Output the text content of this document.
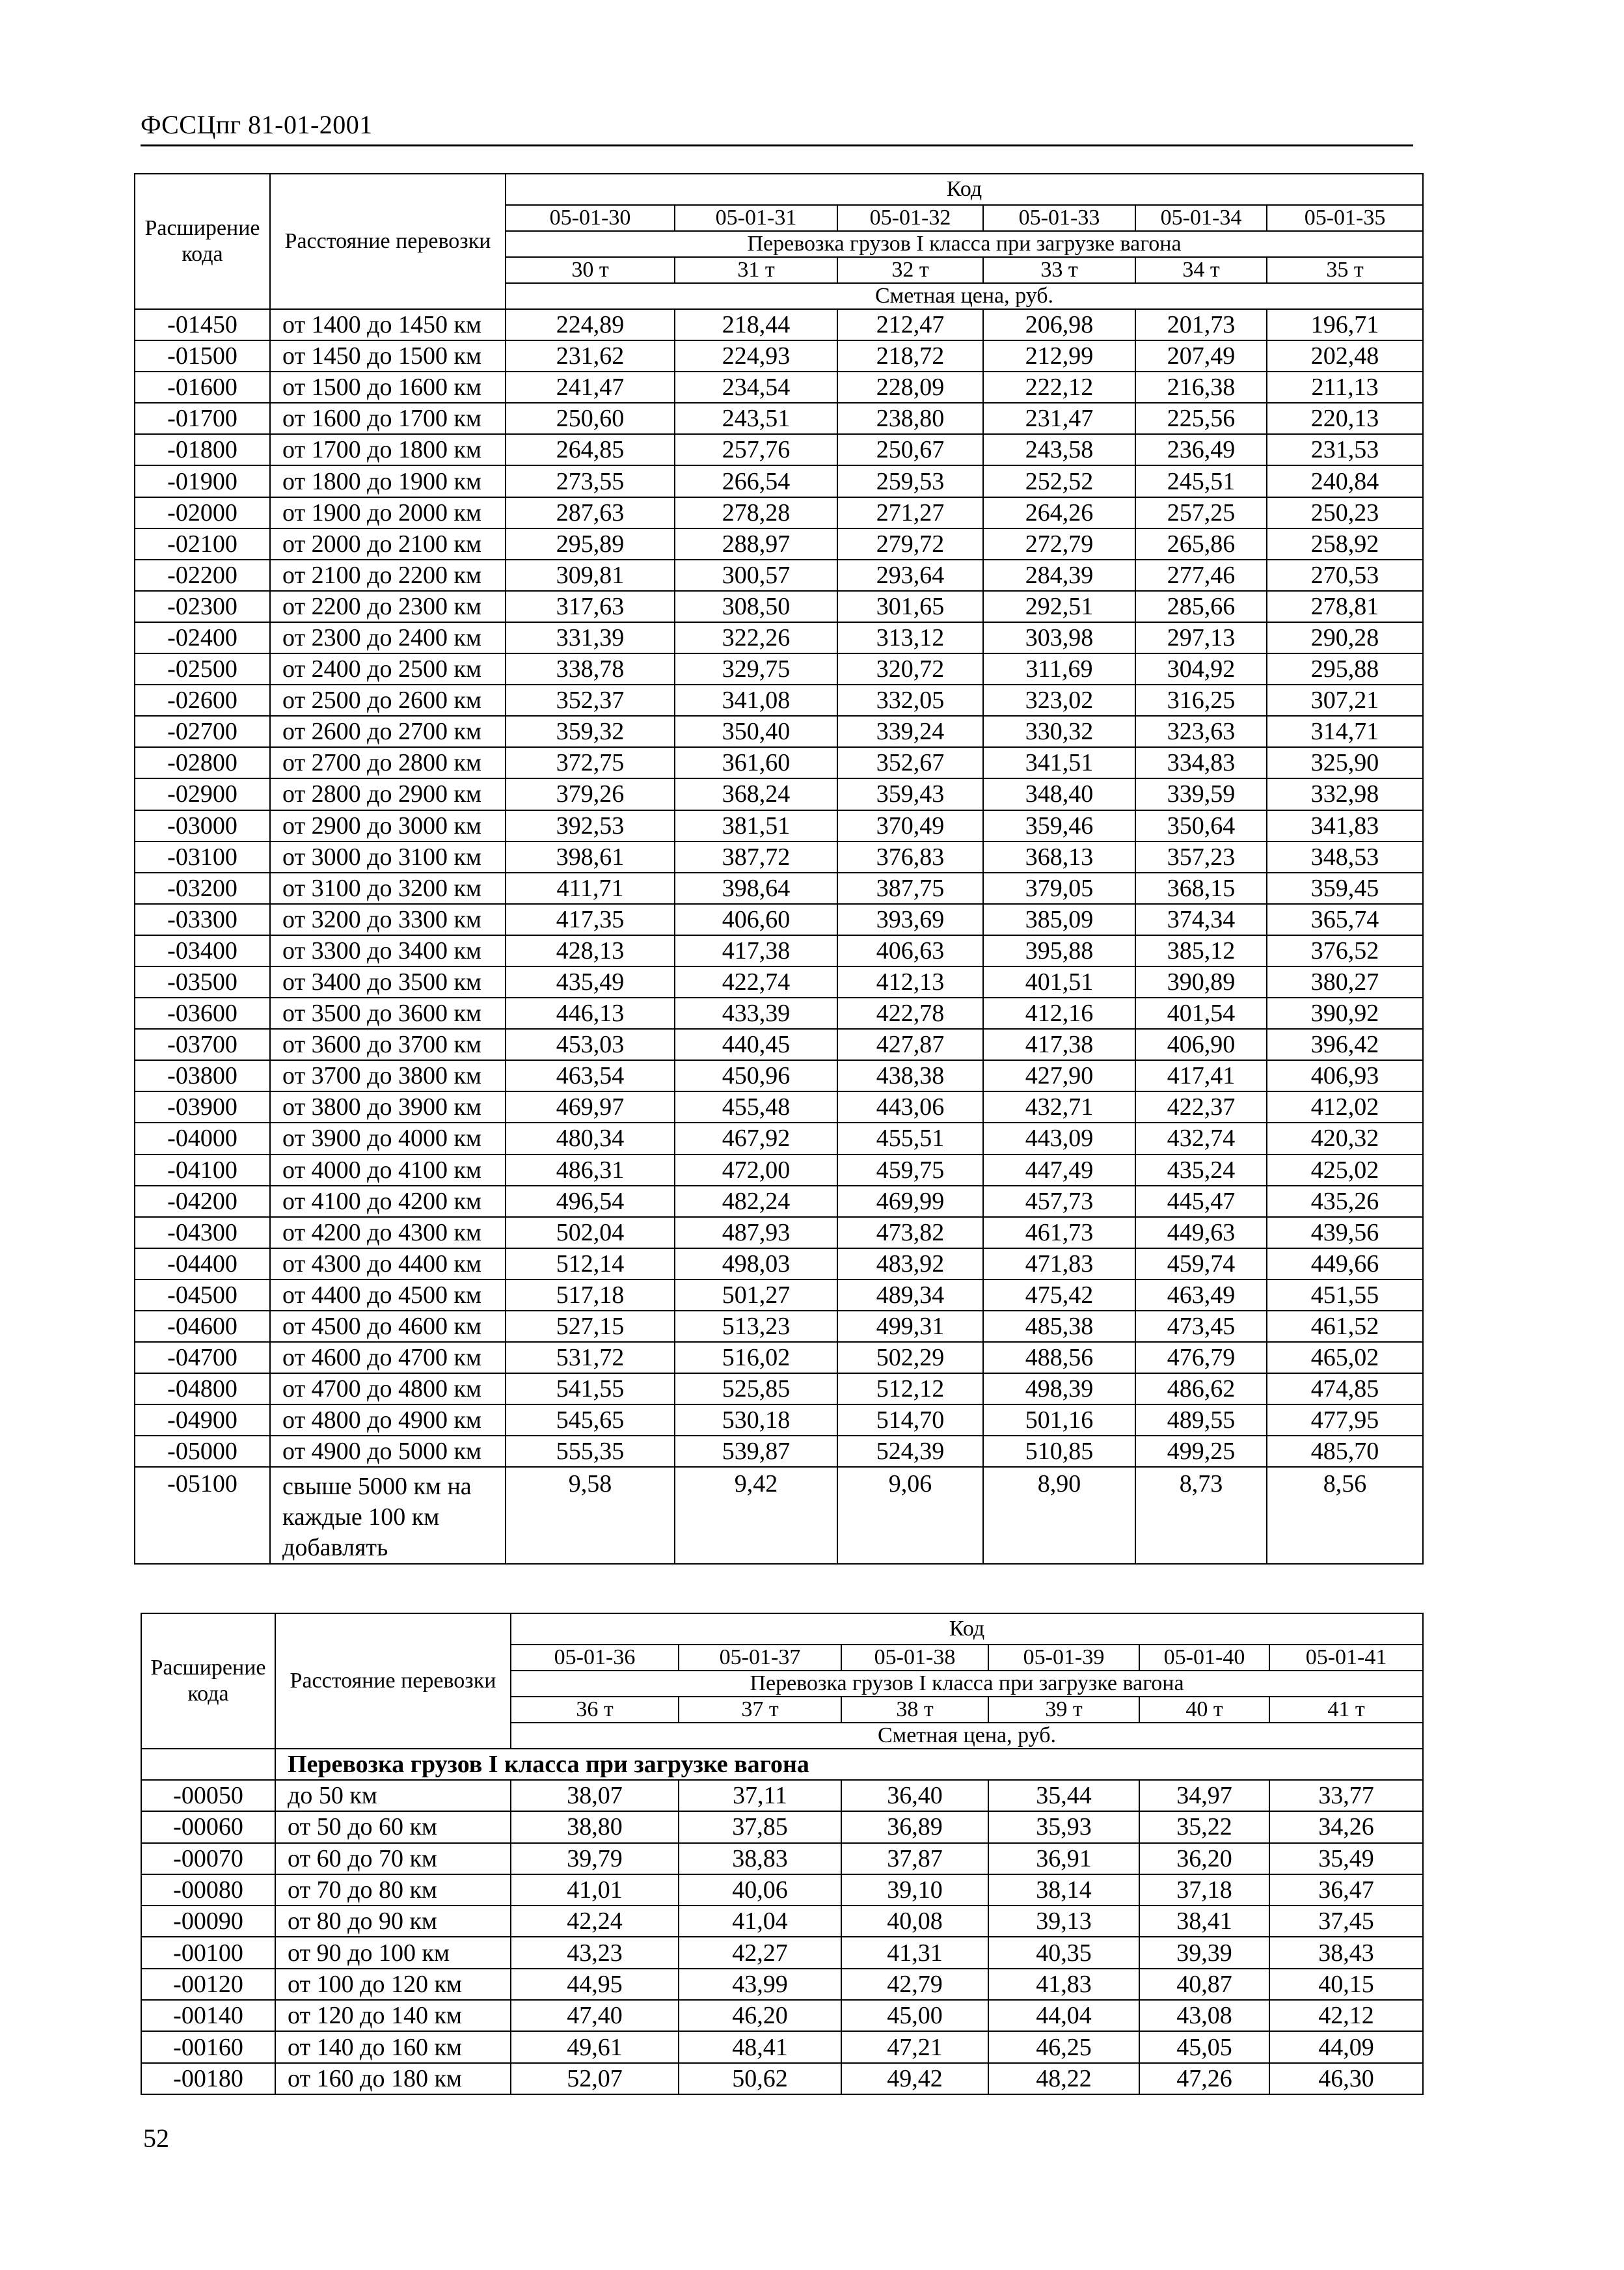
ФССЦпг 81-01-2001
Расширение кода	Расстояние перевозки	Код					
		05-01-30	05-01-31	05-01-32	05-01-33	05-01-34	05-01-35
		Перевозка грузов I класса при загрузке вагона					
		30 т	31 т	32 т	33 т	34 т	35 т
		Сметная цена, руб.					
-01450	от 1400 до 1450 км	224,89	218,44	212,47	206,98	201,73	196,71
-01500	от 1450 до 1500 км	231,62	224,93	218,72	212,99	207,49	202,48
-01600	от 1500 до 1600 км	241,47	234,54	228,09	222,12	216,38	211,13
-01700	от 1600 до 1700 км	250,60	243,51	238,80	231,47	225,56	220,13
-01800	от 1700 до 1800 км	264,85	257,76	250,67	243,58	236,49	231,53
-01900	от 1800 до 1900 км	273,55	266,54	259,53	252,52	245,51	240,84
-02000	от 1900 до 2000 км	287,63	278,28	271,27	264,26	257,25	250,23
-02100	от 2000 до 2100 км	295,89	288,97	279,72	272,79	265,86	258,92
-02200	от 2100 до 2200 км	309,81	300,57	293,64	284,39	277,46	270,53
-02300	от 2200 до 2300 км	317,63	308,50	301,65	292,51	285,66	278,81
-02400	от 2300 до 2400 км	331,39	322,26	313,12	303,98	297,13	290,28
-02500	от 2400 до 2500 км	338,78	329,75	320,72	311,69	304,92	295,88
-02600	от 2500 до 2600 км	352,37	341,08	332,05	323,02	316,25	307,21
-02700	от 2600 до 2700 км	359,32	350,40	339,24	330,32	323,63	314,71
-02800	от 2700 до 2800 км	372,75	361,60	352,67	341,51	334,83	325,90
-02900	от 2800 до 2900 км	379,26	368,24	359,43	348,40	339,59	332,98
-03000	от 2900 до 3000 км	392,53	381,51	370,49	359,46	350,64	341,83
-03100	от 3000 до 3100 км	398,61	387,72	376,83	368,13	357,23	348,53
-03200	от 3100 до 3200 км	411,71	398,64	387,75	379,05	368,15	359,45
-03300	от 3200 до 3300 км	417,35	406,60	393,69	385,09	374,34	365,74
-03400	от 3300 до 3400 км	428,13	417,38	406,63	395,88	385,12	376,52
-03500	от 3400 до 3500 км	435,49	422,74	412,13	401,51	390,89	380,27
-03600	от 3500 до 3600 км	446,13	433,39	422,78	412,16	401,54	390,92
-03700	от 3600 до 3700 км	453,03	440,45	427,87	417,38	406,90	396,42
-03800	от 3700 до 3800 км	463,54	450,96	438,38	427,90	417,41	406,93
-03900	от 3800 до 3900 км	469,97	455,48	443,06	432,71	422,37	412,02
-04000	от 3900 до 4000 км	480,34	467,92	455,51	443,09	432,74	420,32
-04100	от 4000 до 4100 км	486,31	472,00	459,75	447,49	435,24	425,02
-04200	от 4100 до 4200 км	496,54	482,24	469,99	457,73	445,47	435,26
-04300	от 4200 до 4300 км	502,04	487,93	473,82	461,73	449,63	439,56
-04400	от 4300 до 4400 км	512,14	498,03	483,92	471,83	459,74	449,66
-04500	от 4400 до 4500 км	517,18	501,27	489,34	475,42	463,49	451,55
-04600	от 4500 до 4600 км	527,15	513,23	499,31	485,38	473,45	461,52
-04700	от 4600 до 4700 км	531,72	516,02	502,29	488,56	476,79	465,02
-04800	от 4700 до 4800 км	541,55	525,85	512,12	498,39	486,62	474,85
-04900	от 4800 до 4900 км	545,65	530,18	514,70	501,16	489,55	477,95
-05000	от 4900 до 5000 км	555,35	539,87	524,39	510,85	499,25	485,70
-05100	свыше 5000 км на каждые 100 км добавлять	9,58	9,42	9,06	8,90	8,73	8,56
Расширение кода	Расстояние перевозки	Код					
		05-01-36	05-01-37	05-01-38	05-01-39	05-01-40	05-01-41
		Перевозка грузов I класса при загрузке вагона					
		36 т	37 т	38 т	39 т	40 т	41 т
		Сметная цена, руб.					
	Перевозка грузов I класса при загрузке вагона						
-00050	до 50 км	38,07	37,11	36,40	35,44	34,97	33,77
-00060	от 50 до 60 км	38,80	37,85	36,89	35,93	35,22	34,26
-00070	от 60 до 70 км	39,79	38,83	37,87	36,91	36,20	35,49
-00080	от 70 до 80 км	41,01	40,06	39,10	38,14	37,18	36,47
-00090	от 80 до 90 км	42,24	41,04	40,08	39,13	38,41	37,45
-00100	от 90 до 100 км	43,23	42,27	41,31	40,35	39,39	38,43
-00120	от 100 до 120 км	44,95	43,99	42,79	41,83	40,87	40,15
-00140	от 120 до 140 км	47,40	46,20	45,00	44,04	43,08	42,12
-00160	от 140 до 160 км	49,61	48,41	47,21	46,25	45,05	44,09
-00180	от 160 до 180 км	52,07	50,62	49,42	48,22	47,26	46,30
52
